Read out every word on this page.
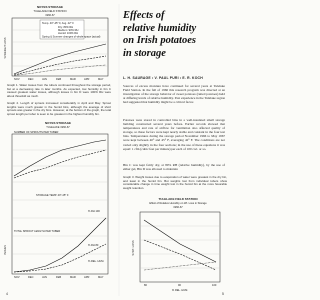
NOYES STORAGE
TULELAKE FIELD STATION
1966-67
Temp. 40°-45° F, Avg. 42° F
Dry: 80% RH
Medium: 90% RH
Humid: 100% RH
Spring & Summer changes of whole space (actual)
% WEIGHT LOSS
NOV	DEC	JAN	FEB	MAR	APR	MAY
NOYES STORAGE
TULELAKE 1966-67
NUMBER OF SPROUTS PER TUBER
STORAGE TEMP. 40°-45° F
% RH 100
TOTAL SPROUT LENGTH PER TUBER
% RH 80
% REL. HUM.
INCHES
NOV	DEC	JAN	FEB	MAR	APR	MAY
TULELAKE FIELD STATION
Effect of Relative Humidity on Wt. Loss in Storage
1966-67
% WT. LOSS
80	90	100
% REL. HUM.
Graph 1. Water losses from the tubers continued throughout the storage period, but at a decreasing rate in later months. As expected, low humidity in bin C caused greatest water losses, although losses in bin D were 100% RH were about threefold as much.
Graph 2. Length of sprouts increased considerably in April and May. Sprout lengths were much greater in the humid bins, although the average of short sprouts was greater in the dry bins. However, at the bottom of the graph, the total sprout length per tuber is seen to be greatest in the highest humidity bin.
Graph 3. Weight losses due to evaporation of water were greatest in the dry bin, and least in the humid bin. But weights lost from individual tubers show considerable change in time weight lost in the humid bin at the more favorable weight retention.
Effects of
relative humidity
on Irish potatoes
in storage
L. H. SAURAGE • V. PAUL PURI • E. R. KOCH
Sources of excess moisture have continued for several years at Tulelake Field Station. In the fall of 1966 this research program was directed at an investigation of the storage behavior of sweet potatoes (rutted potatoes) held at differing levels of relative humidity. Past experience in the Tulelake region had suggested that humidity might be a critical factor.
Potatoes were stored in controlled bins in a well-insulated small storage building constructed several years before. Earlier records showed that temperatures and rate of airflow for ventilation also affected quality of storage, so these factors were kept nearly stable and constant in the four test bins. Temperatures during the storage period November 1966 to May 1967 were kept between 40° and 45° F, averaging 42° F. The conditions are not varied only slightly in the four sections; in the use of these equations it was equal: 1 cfm (cubic feet per minute) per each of 100 cwt. or so.
Bin C was kept fairly dry, at 80% RH (relative humidity), by the use of either gel, Bin D was allowed to maintain
4	5
